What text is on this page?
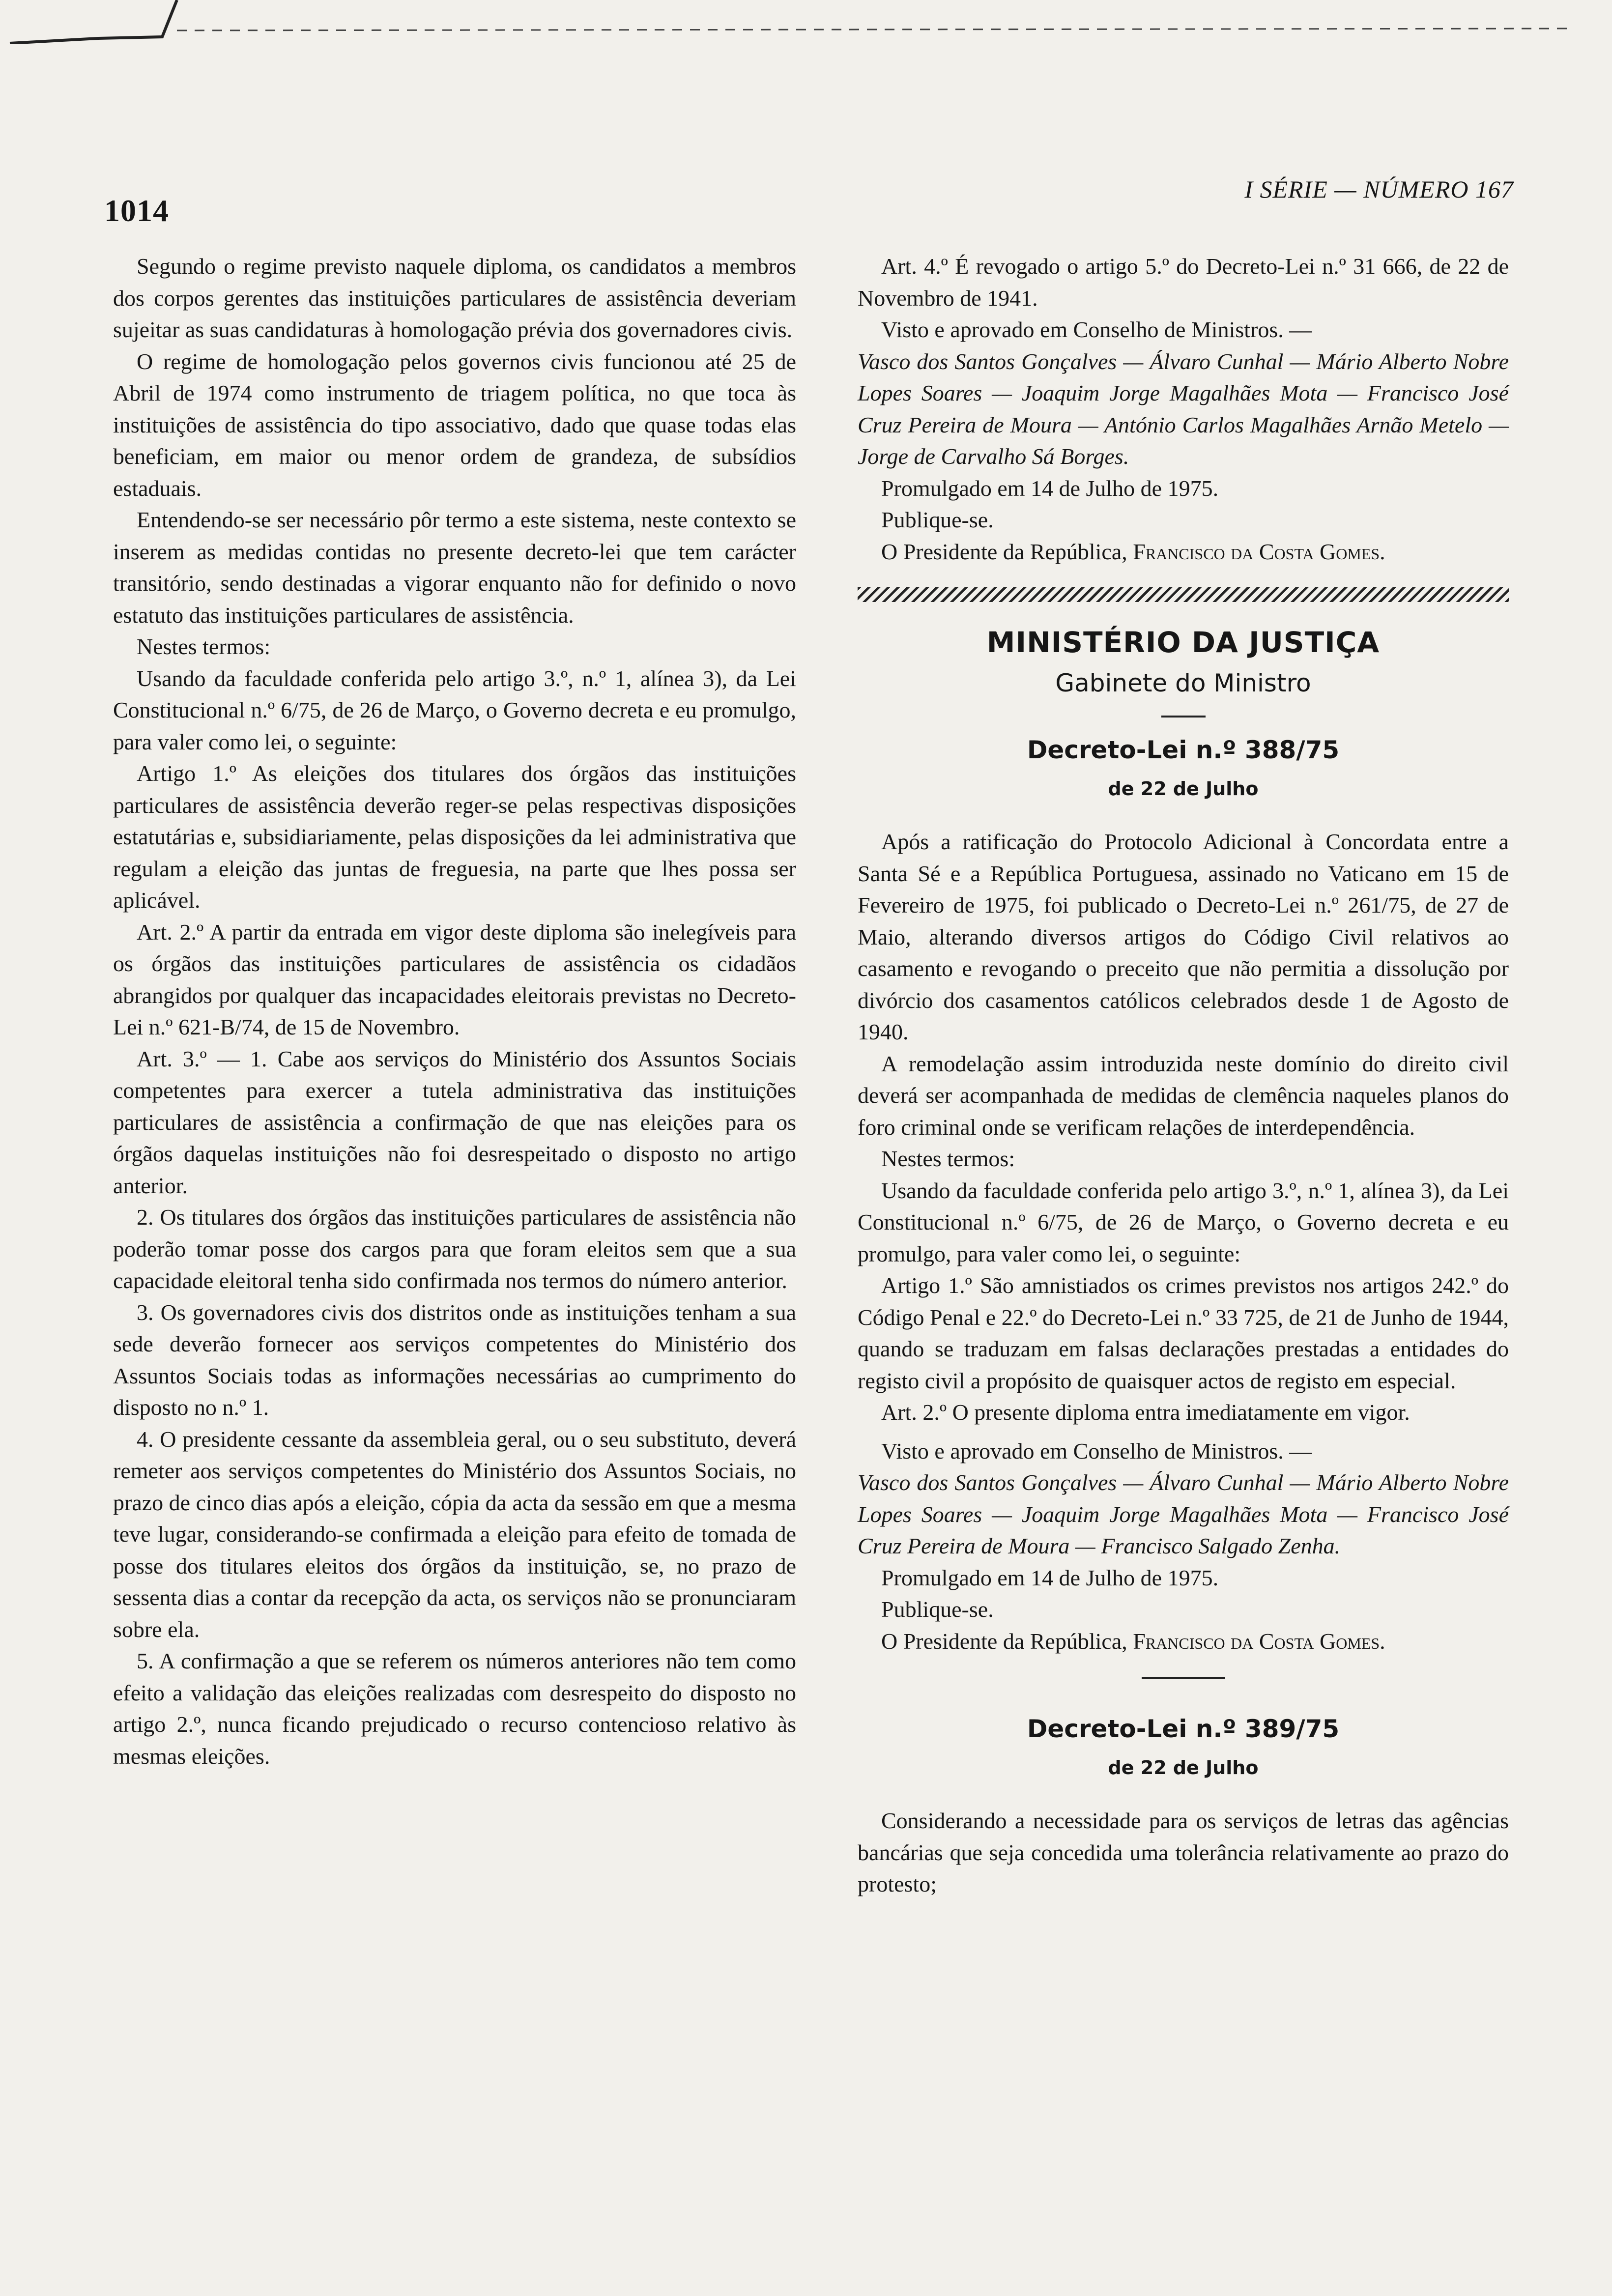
1014
I SÉRIE — NÚMERO 167

Segundo o regime previsto naquele diploma, os candidatos a membros dos corpos gerentes das instituições particulares de assistência deveriam sujeitar as suas candidaturas à homologação prévia dos governadores civis.

O regime de homologação pelos governos civis funcionou até 25 de Abril de 1974 como instrumento de triagem política, no que toca às instituições de assistência do tipo associativo, dado que quase todas elas beneficiam, em maior ou menor ordem de grandeza, de subsídios estaduais.

Entendendo-se ser necessário pôr termo a este sistema, neste contexto se inserem as medidas contidas no presente decreto-lei que tem carácter transitório, sendo destinadas a vigorar enquanto não for definido o novo estatuto das instituições particulares de assistência.

Nestes termos:

Usando da faculdade conferida pelo artigo 3.º, n.º 1, alínea 3), da Lei Constitucional n.º 6/75, de 26 de Março, o Governo decreta e eu promulgo, para valer como lei, o seguinte:

Artigo 1.º As eleições dos titulares dos órgãos das instituições particulares de assistência deverão reger-se pelas respectivas disposições estatutárias e, subsidiariamente, pelas disposições da lei administrativa que regulam a eleição das juntas de freguesia, na parte que lhes possa ser aplicável.

Art. 2.º A partir da entrada em vigor deste diploma são inelegíveis para os órgãos das instituições particulares de assistência os cidadãos abrangidos por qualquer das incapacidades eleitorais previstas no Decreto-Lei n.º 621-B/74, de 15 de Novembro.

Art. 3.º — 1. Cabe aos serviços do Ministério dos Assuntos Sociais competentes para exercer a tutela administrativa das instituições particulares de assistência a confirmação de que nas eleições para os órgãos daquelas instituições não foi desrespeitado o disposto no artigo anterior.

2. Os titulares dos órgãos das instituições particulares de assistência não poderão tomar posse dos cargos para que foram eleitos sem que a sua capacidade eleitoral tenha sido confirmada nos termos do número anterior.

3. Os governadores civis dos distritos onde as instituições tenham a sua sede deverão fornecer aos serviços competentes do Ministério dos Assuntos Sociais todas as informações necessárias ao cumprimento do disposto no n.º 1.

4. O presidente cessante da assembleia geral, ou o seu substituto, deverá remeter aos serviços competentes do Ministério dos Assuntos Sociais, no prazo de cinco dias após a eleição, cópia da acta da sessão em que a mesma teve lugar, considerando-se confirmada a eleição para efeito de tomada de posse dos titulares eleitos dos órgãos da instituição, se, no prazo de sessenta dias a contar da recepção da acta, os serviços não se pronunciaram sobre ela.

5. A confirmação a que se referem os números anteriores não tem como efeito a validação das eleições realizadas com desrespeito do disposto no artigo 2.º, nunca ficando prejudicado o recurso contencioso relativo às mesmas eleições.

Art. 4.º É revogado o artigo 5.º do Decreto-Lei n.º 31 666, de 22 de Novembro de 1941.

Visto e aprovado em Conselho de Ministros. —

Vasco dos Santos Gonçalves — Álvaro Cunhal — Mário Alberto Nobre Lopes Soares — Joaquim Jorge Magalhães Mota — Francisco José Cruz Pereira de Moura — António Carlos Magalhães Arnão Metelo — Jorge de Carvalho Sá Borges.

Promulgado em 14 de Julho de 1975.

Publique-se.

O Presidente da República, Francisco da Costa Gomes.

MINISTÉRIO DA JUSTIÇA
Gabinete do Ministro
Decreto-Lei n.º 388/75
de 22 de Julho

Após a ratificação do Protocolo Adicional à Concordata entre a Santa Sé e a República Portuguesa, assinado no Vaticano em 15 de Fevereiro de 1975, foi publicado o Decreto-Lei n.º 261/75, de 27 de Maio, alterando diversos artigos do Código Civil relativos ao casamento e revogando o preceito que não permitia a dissolução por divórcio dos casamentos católicos celebrados desde 1 de Agosto de 1940.

A remodelação assim introduzida neste domínio do direito civil deverá ser acompanhada de medidas de clemência naqueles planos do foro criminal onde se verificam relações de interdependência.

Nestes termos:

Usando da faculdade conferida pelo artigo 3.º, n.º 1, alínea 3), da Lei Constitucional n.º 6/75, de 26 de Março, o Governo decreta e eu promulgo, para valer como lei, o seguinte:

Artigo 1.º São amnistiados os crimes previstos nos artigos 242.º do Código Penal e 22.º do Decreto-Lei n.º 33 725, de 21 de Junho de 1944, quando se traduzam em falsas declarações prestadas a entidades do registo civil a propósito de quaisquer actos de registo em especial.

Art. 2.º O presente diploma entra imediatamente em vigor.

Visto e aprovado em Conselho de Ministros. —

Vasco dos Santos Gonçalves — Álvaro Cunhal — Mário Alberto Nobre Lopes Soares — Joaquim Jorge Magalhães Mota — Francisco José Cruz Pereira de Moura — Francisco Salgado Zenha.

Promulgado em 14 de Julho de 1975.

Publique-se.

O Presidente da República, Francisco da Costa Gomes.

Decreto-Lei n.º 389/75
de 22 de Julho

Considerando a necessidade para os serviços de letras das agências bancárias que seja concedida uma tolerância relativamente ao prazo do protesto;
